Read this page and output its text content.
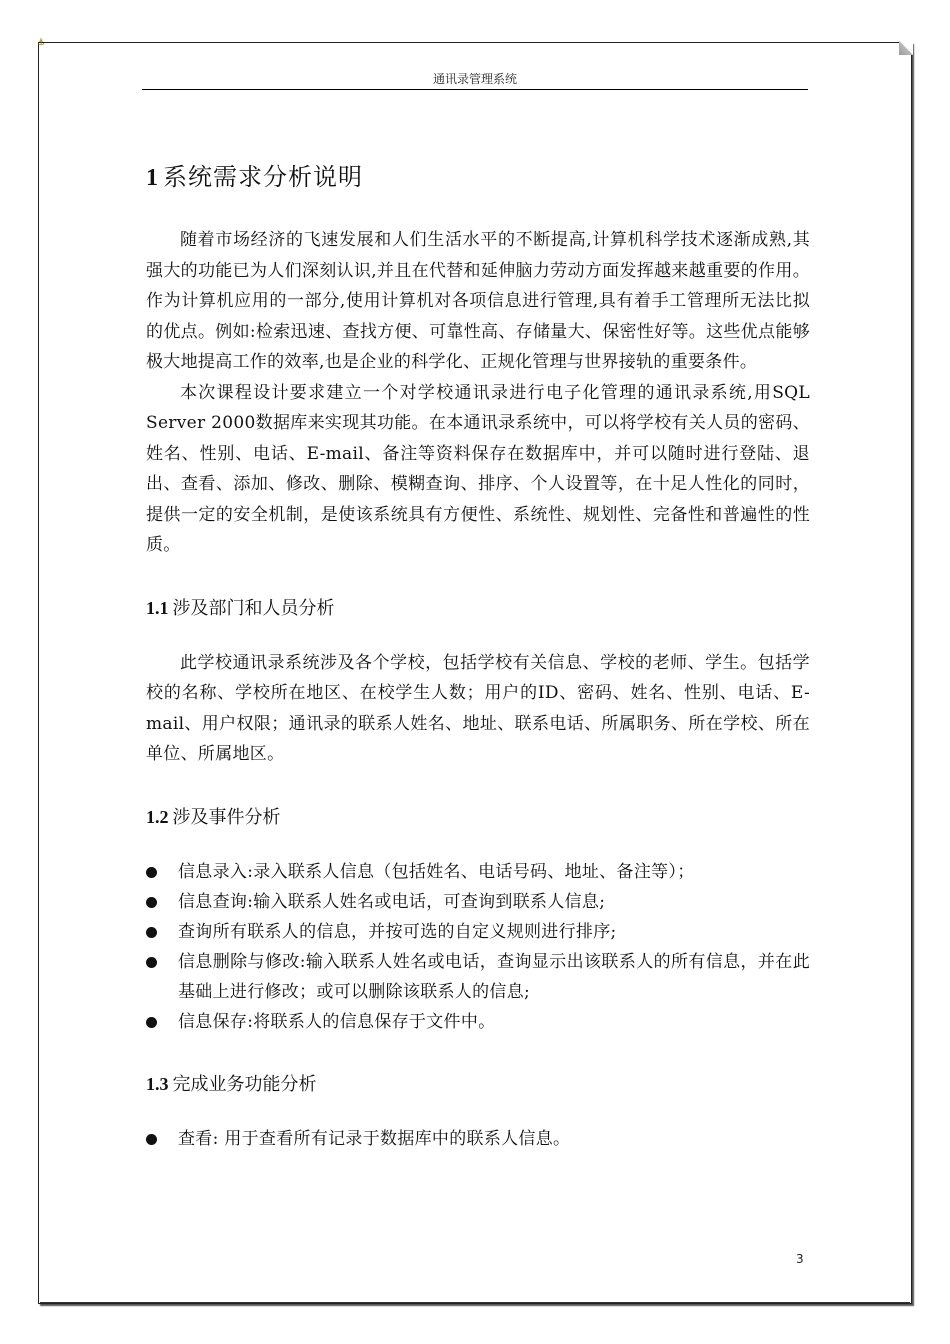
⚓
通讯录管理系统
1 系统需求分析说明

随着市场经济的飞速发展和人们生活水平的不断提高,计算机科学技术逐渐成熟,其强大的功能已为人们深刻认识,并且在代替和延伸脑力劳动方面发挥越来越重要的作用。作为计算机应用的一部分,使用计算机对各项信息进行管理,具有着手工管理所无法比拟的优点。例如:检索迅速、查找方便、可靠性高、存储量大、保密性好等。这些优点能够极大地提高工作的效率,也是企业的科学化、正规化管理与世界接轨的重要条件。

本次课程设计要求建立一个对学校通讯录进行电子化管理的通讯录系统,用SQL Server 2000数据库来实现其功能。在本通讯录系统中，可以将学校有关人员的密码、姓名、性别、电话、E-mail、备注等资料保存在数据库中，并可以随时进行登陆、退出、查看、添加、修改、删除、模糊查询、排序、个人设置等，在十足人性化的同时，提供一定的安全机制，是使该系统具有方便性、系统性、规划性、完备性和普遍性的性质。

1.1 涉及部门和人员分析

此学校通讯录系统涉及各个学校，包括学校有关信息、学校的老师、学生。包括学校的名称、学校所在地区、在校学生人数；用户的ID、密码、姓名、性别、电话、E-mail、用户权限；通讯录的联系人姓名、地址、联系电话、所属职务、所在学校、所在单位、所属地区。

1.2 涉及事件分析
信息录入:录入联系人信息（包括姓名、电话号码、地址、备注等）；
信息查询:输入联系人姓名或电话，可查询到联系人信息;
查询所有联系人的信息，并按可选的自定义规则进行排序;
信息删除与修改:输入联系人姓名或电话，查询显示出该联系人的所有信息，并在此基础上进行修改；或可以删除该联系人的信息;
信息保存:将联系人的信息保存于文件中。
1.3 完成业务功能分析
查看: 用于查看所有记录于数据库中的联系人信息。
3
